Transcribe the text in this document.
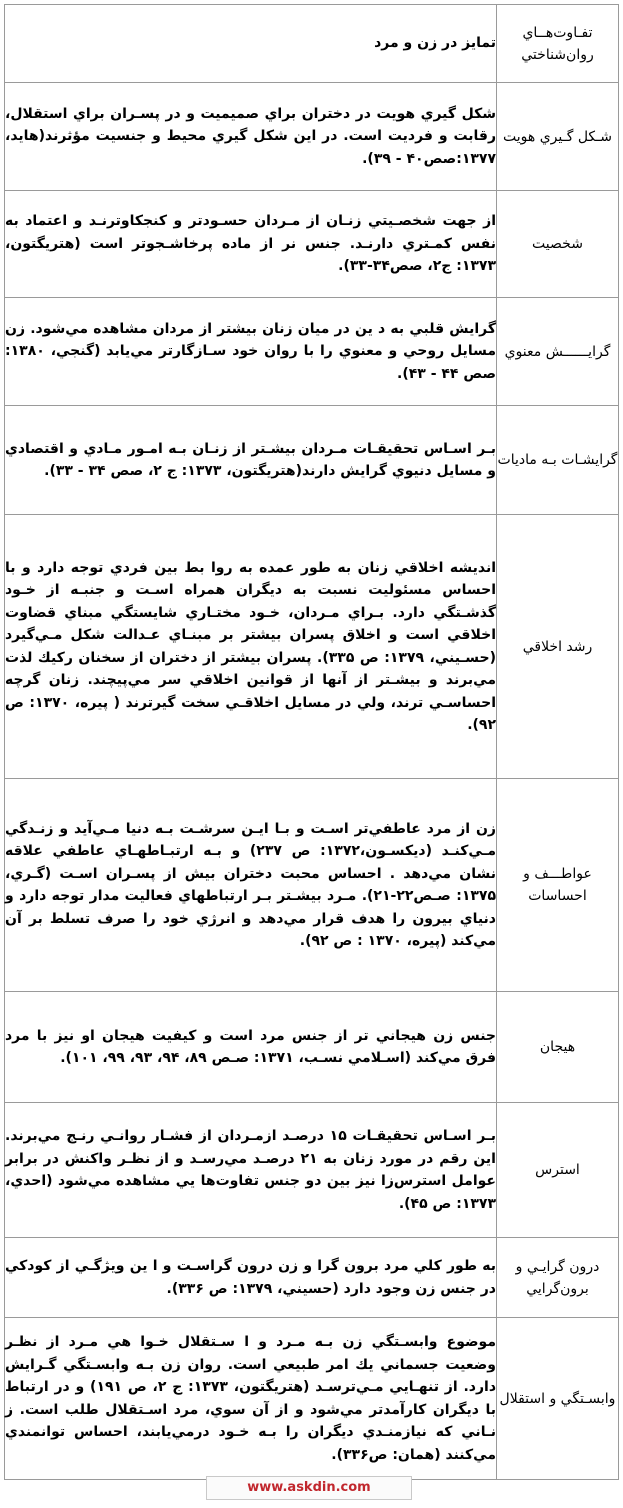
تفـاوت‌هــاي روان‌شناختي	تمايز در زن و مرد
شـکل گـيري هويت	شكل گيري هويت در دختران براي صميميت و در پسـران براي استقلال، رقابت و فرديت است. در اين شکل گيري محيط و جنسيت مؤثرند(هايد، ۱۳۷۷:صص۴۰ - ۳۹).
شخصيت	از جهت شخصـيتي زنـان از مـردان حسـودتر و كنجكاوترنـد و اعتماد به نفس كمـتري دارنـد. جنس نر از ماده پرخاشـجوتر است (هتريگتون، ۱۳۷۳: ج۲، صص۳۴-۳۳).
گرايــــــش معنوي	گرايش قلبي به د ين در ميان زنان بيشتر از مردان مشاهده مي‌شود. زن مسايل روحي و معنوي را با روان خود سـازگارتر مي‌يابد (گنجي، ۱۳۸۰: صص ۴۴ - ۴۳).
گرايشـات بـه ماديات	بـر اسـاس تحقيقـات مـردان بيشـتر از زنـان بـه امـور مـادي و اقتصادي و مسايل دنيوي گرايش دارند(هتريگتون، ۱۳۷۳: ج ۲، صص ۳۴ - ۳۳).
رشد اخلاقي	انديشه اخلاقي زنان به طور عمده به روا بط بين فردي توجه دارد و با احساس مسئوليت نسبت به ديگران همراه اسـت و جنبـه از خـود گذشـتگي دارد. بـراي مـردان، خـود مختـاري شايستگي مبناي قضاوت اخلاقي است و اخلاق پسران بيشتر بر مبنـاي عـدالت شكل مـي‌گيرد (حسـيني، ۱۳۷۹: ص ۳۳۵). پسران بيشتر از دختران از سخنان ركيك لذت مي‌برند و بيشـتر از آنها از قوانين اخلاقي سر مي‌پيچند. زنان گرچه احساسـي ترند، ولي در مسايل اخلاقـي سخت گيرترند ( پيره، ۱۳۷۰: ص ۹۲).
عواطـــف و احساسات	زن از مرد عاطفي‌تر اسـت و بـا ايـن سرشـت بـه دنيا مـي‌آيد و زنـدگي مـي‌كنـد (ديكسـون،۱۳۷۲: ص ۲۳۷) و بـه ارتبـاطهـاي عاطفي علاقه نشان مي‌دهد . احساس محبت دختران بيش از پسـران اسـت (گـري، ۱۳۷۵: صـص۲۲-۲۱). مـرد بيشـتر بـر ارتباطهاي فعاليت مدار توجه دارد و دنياي بيرون را هدف قرار مي‌دهد و انرژي خود را صرف تسلط بر آن مي‌كند (پيره، ۱۳۷۰ : ص ۹۲).
هيجان	جنس زن هيجاني تر از جنس مرد است و كيفيت هيجان او نيز با مرد فرق مي‌كند (اسـلامي نسـب، ۱۳۷۱: صـص ۸۹، ۹۴، ۹۳، ۹۹، ۱۰۱).
استرس	بـر اسـاس تحقيقـات ۱۵ درصـد ازمـردان از فشـار روانـي رنـج مي‌برند. اين رقم در مورد زنان به ۲۱ درصـد مي‌رسـد و از نظـر واکنش در برابر عوامل استرس‌زا نيز بين دو جنس تفاوت‌ها يي مشاهده مي‌شود (احدي، ۱۳۷۳: ص ۴۵).
درون گرايـي و برون‌گرايي	به طور كلي مرد برون گرا و زن درون گراسـت و ا ين ويژگـي از كودكي در جنس زن وجود دارد (حسيني، ۱۳۷۹: ص ۳۳۶).
وابسـتگي و استقلال	موضوع وابسـتگي زن بـه مـرد و ا سـتقلال خـوا هي مـرد از نظـر وضعيت جسماني يك امر طبيعي است. روان زن بـه وابسـتگي گـرايش دارد. از تنهـايي مـي‌ترسـد (هتريگتون، ۱۳۷۳: ج ۲، ص ۱۹۱) و در ارتباط با ديگران کارآمدتر مي‌شود و از آن سوي، مرد اسـتقلال طلب است. ز نـاني كه نيازمنـدي ديگران را بـه خـود درمي‌يابند، احساس توانمندي مي‌كنند (همان: ص۳۳۶).
www.askdin.com
